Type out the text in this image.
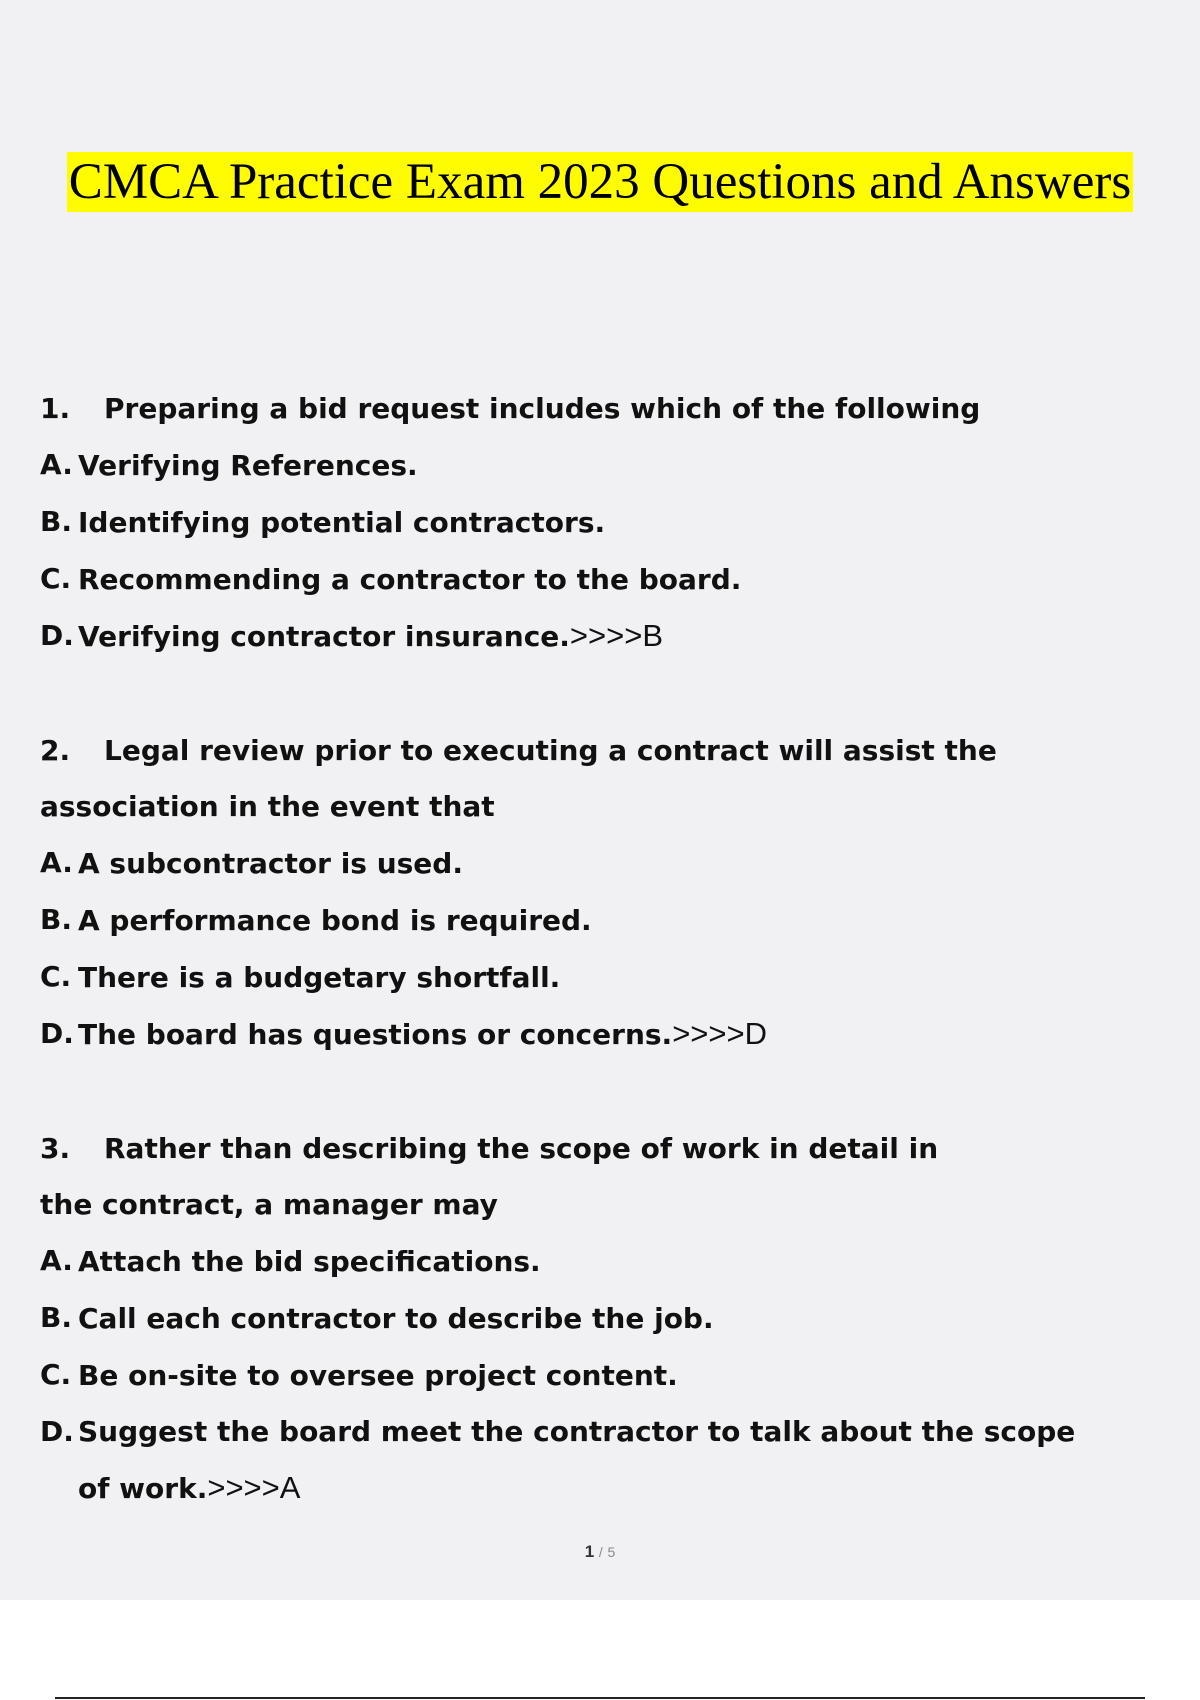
CMCA Practice Exam 2023 Questions and Answers
1.	Preparing a bid request includes which of the following
A. Verifying References.
B. Identifying potential contractors.
C. Recommending a contractor to the board.
D. Verifying contractor insurance.>>>>B
2. Legal review prior to executing a contract will assist the association in the event that
A. A subcontractor is used.
B. A performance bond is required.
C. There is a budgetary shortfall.
D. The board has questions or concerns.>>>>D
3. Rather than describing the scope of work in detail in the contract, a manager may
A. Attach the bid specifications.
B. Call each contractor to describe the job.
C. Be on-site to oversee project content.
D. Suggest the board meet the contractor to talk about the scope of work.>>>>A
1 / 5
